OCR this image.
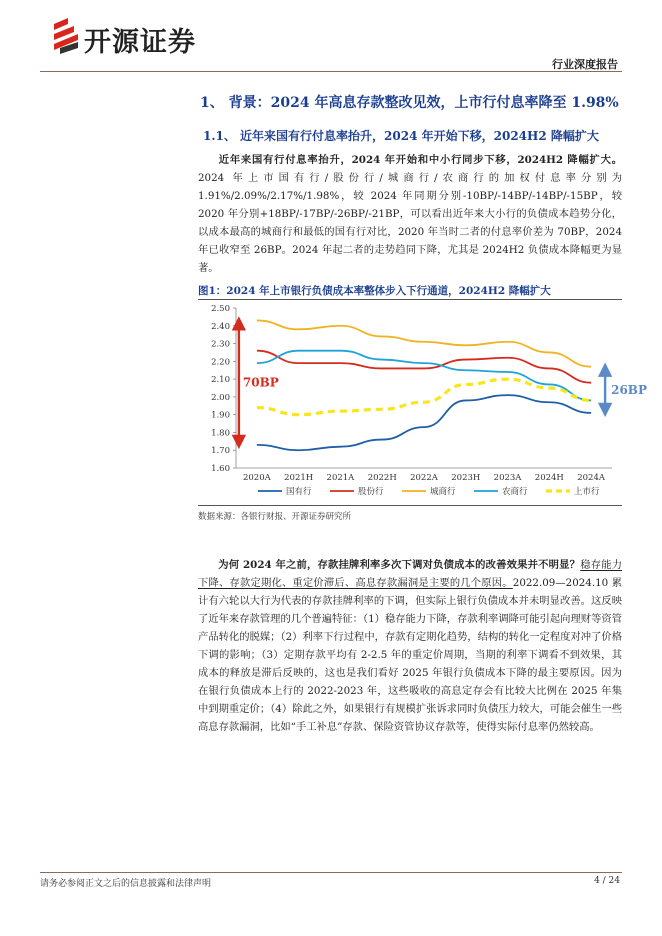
开源证券
行业深度报告
1、 背景：2024 年高息存款整改见效，上市行付息率降至 1.98%
1.1、 近年来国有行付息率抬升，2024 年开始下移，2024H2 降幅扩大
近年来国有行付息率抬升，2024 年开始和中小行同步下移，2024H2 降幅扩大。2024 年上市国有行/股份行/城商行/农商行的加权付息率分别为 1.91%/2.09%/2.17%/1.98%，较 2024 年同期分别-10BP/-14BP/-14BP/-15BP，较 2020 年分别+18BP/-17BP/-26BP/-21BP，可以看出近年来大小行的负债成本趋势分化，以成本最高的城商行和最低的国有行对比，2020 年当时二者的付息率价差为 70BP，2024 年已收窄至 26BP。2024 年起二者的走势趋同下降，尤其是 2024H2 负债成本降幅更为显著。
图1：2024 年上市银行负债成本率整体步入下行通道，2024H2 降幅扩大
1.60
1.70
1.80
1.90
2.00
2.10
2.20
2.30
2.40
2.50
2020A 2021H 2021A 2022H 2022A 2023H 2023A 2024H 2024A
70BP
26BP
国有行	股份行	城商行	农商行	上市行
数据来源：各银行财报、开源证券研究所
为何 2024 年之前，存款挂牌利率多次下调对负债成本的改善效果并不明显？稳存能力下降、存款定期化、重定价滞后、高息存款漏洞是主要的几个原因。2022.09—2024.10 累计有六轮以大行为代表的存款挂牌利率的下调，但实际上银行负债成本并未明显改善。这反映了近年来存款管理的几个普遍特征：（1）稳存能力下降，存款利率调降可能引起向理财等资管产品转化的脱媒；（2）利率下行过程中，存款有定期化趋势，结构的转化一定程度对冲了价格下调的影响；（3）定期存款平均有 2-2.5 年的重定价周期，当期的利率下调看不到效果，其成本的释放是滞后反映的，这也是我们看好 2025 年银行负债成本下降的最主要原因。因为在银行负债成本上行的 2022-2023 年，这些吸收的高息定存会有比较大比例在 2025 年集中到期重定价；（4）除此之外，如果银行有规模扩张诉求同时负债压力较大，可能会催生一些高息存款漏洞，比如“手工补息”存款、保险资管协议存款等，使得实际付息率仍然较高。
请务必参阅正文之后的信息披露和法律声明	4 / 24
